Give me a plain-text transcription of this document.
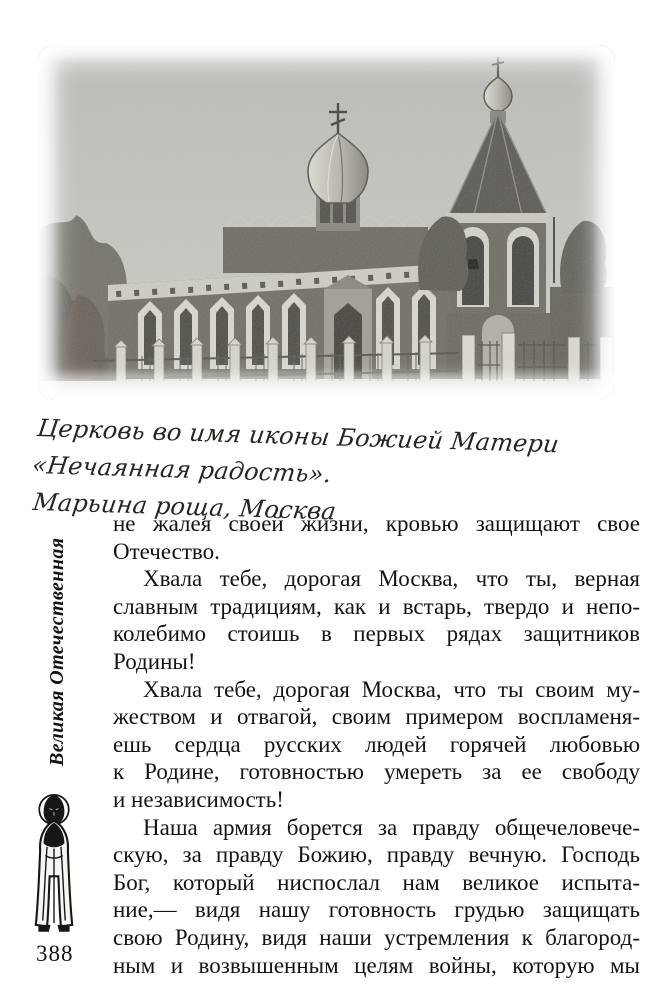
Церковь во имя иконы Божией Матери «Нечаянная радость».
Марьина роща, Москва
не жалея своей жизни, кровью защищают свое
Отечество.
Хвала тебе, дорогая Москва, что ты, верная
славным традициям, как и встарь, твердо и непо-
колебимо стоишь в первых рядах защитников
Родины!
Хвала тебе, дорогая Москва, что ты своим му-
жеством и отвагой, своим примером воспламеня-
ешь сердца русских людей горячей любовью
к Родине, готовностью умереть за ее свободу
и независимость!
Наша армия борется за правду общечеловече-
скую, за правду Божию, правду вечную. Господь
Бог, который ниспослал нам великое испыта-
ние,— видя нашу готовность грудью защищать
свою Родину, видя наши устремления к благород-
ным и возвышенным целям войны, которую мы
Великая Отечественная
388
